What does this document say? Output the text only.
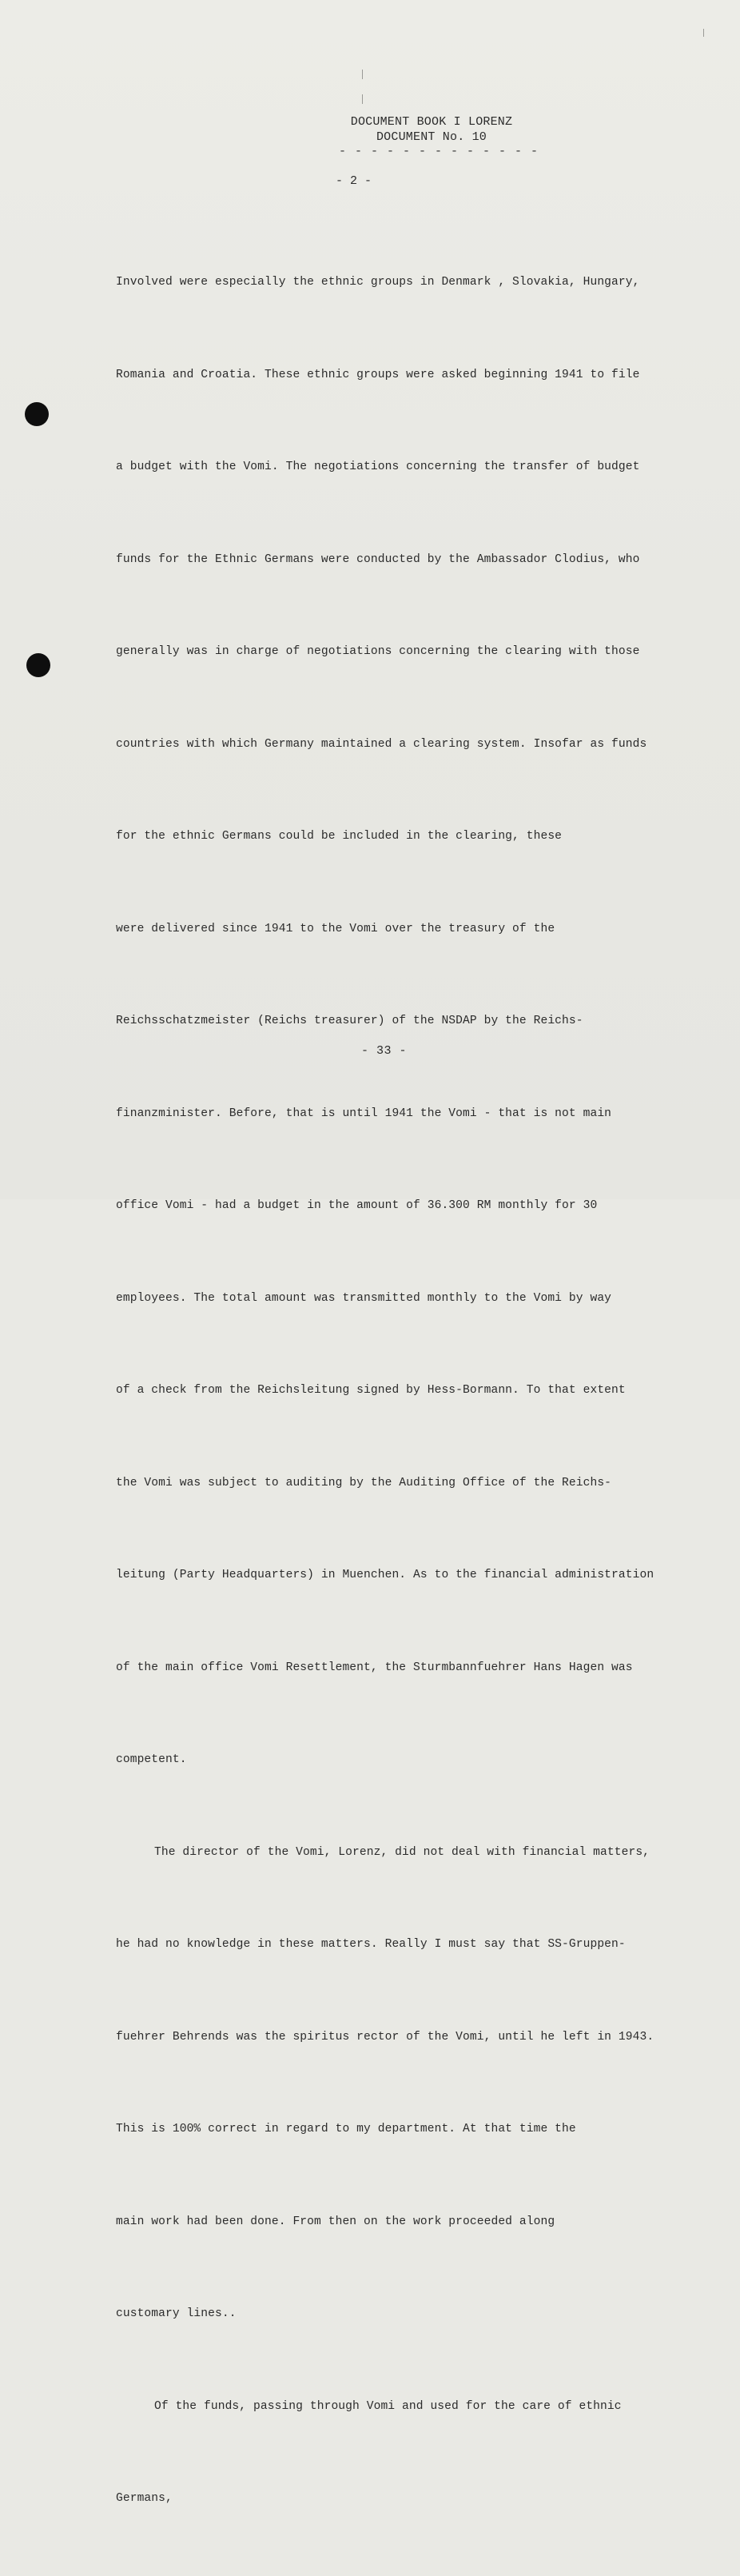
DOCUMENT BOOK I LORENZ
DOCUMENT No. 10
- - - - - - - - - - - - -
- 2 -

Involved were especially the ethnic groups in Denmark , Slovakia, Hungary,

Romania and Croatia. These ethnic groups were asked beginning 1941 to file

a budget with the Vomi. The negotiations concerning the transfer of budget

funds for the Ethnic Germans were conducted by the Ambassador Clodius, who

generally was in charge of negotiations concerning the clearing with those

countries with which Germany maintained a clearing system. Insofar as funds

for the ethnic Germans could be included in the clearing, these

were delivered since 1941 to the Vomi over the treasury of the

Reichsschatzmeister (Reichs treasurer) of the NSDAP by the Reichs-

finanzminister. Before, that is until 1941 the Vomi - that is not main

office Vomi - had a budget in the amount of 36.300 RM monthly for 30

employees. The total amount was transmitted monthly to the Vomi by way

of a check from the Reichsleitung signed by Hess-Bormann. To that extent

the Vomi was subject to auditing by the Auditing Office of the Reichs-

leitung (Party Headquarters) in Muenchen. As to the financial administration

of the main office Vomi Resettlement, the Sturmbannfuehrer Hans Hagen was

competent.

The director of the Vomi, Lorenz, did not deal with financial matters,

he had no knowledge in these matters. Really I must say that SS-Gruppen-

fuehrer Behrends was the spiritus rector of the Vomi, until he left in 1943.

This is 100% correct in regard to my department. At that time the

main work had been done. From then on the work proceeded along

customary lines..

Of the funds, passing through Vomi and used for the care of ethnic

Germans,

- 33 -
